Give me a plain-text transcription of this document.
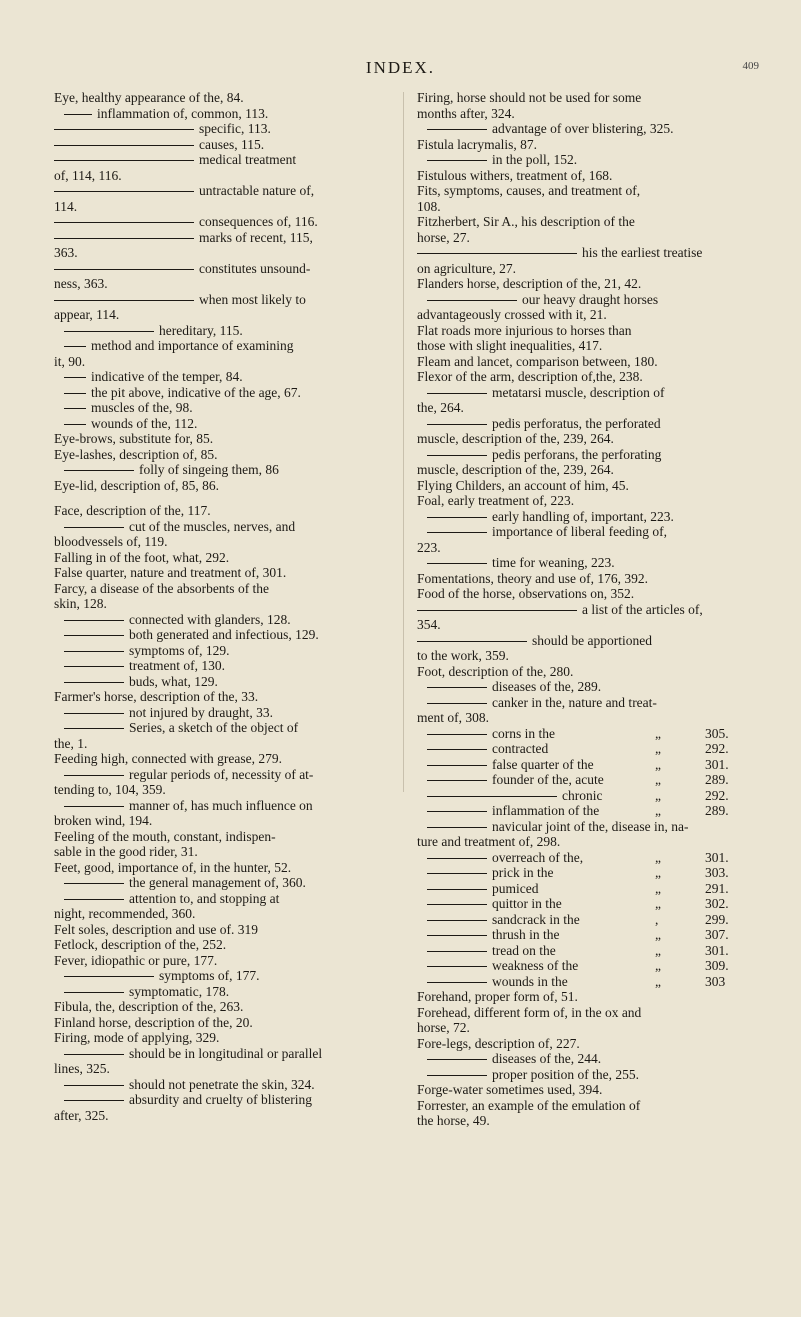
INDEX.	409
Eye, healthy appearance of the, 84.
inflammation of, common, 113.
specific, 113.
causes, 115.
medical treatment
of, 114, 116.
untractable nature of,
114.
consequences of, 116.
marks of recent, 115,
363.
constitutes unsound-
ness, 363.
when most likely to
appear, 114.
hereditary, 115.
method and importance of examining
it, 90.
indicative of the temper, 84.
the pit above, indicative of the age, 67.
muscles of the, 98.
wounds of the, 112.
Eye-brows, substitute for, 85.
Eye-lashes, description of, 85.
folly of singeing them, 86
Eye-lid, description of, 85, 86.
Face, description of the, 117.
cut of the muscles, nerves, and
bloodvessels of, 119.
Falling in of the foot, what, 292.
False quarter, nature and treatment of, 301.
Farcy, a disease of the absorbents of the
skin, 128.
connected with glanders, 128.
both generated and infectious, 129.
symptoms of, 129.
treatment of, 130.
buds, what, 129.
Farmer's horse, description of the, 33.
not injured by draught, 33.
Series, a sketch of the object of
the, 1.
Feeding high, connected with grease, 279.
regular periods of, necessity of at-
tending to, 104, 359.
manner of, has much influence on
broken wind, 194.
Feeling of the mouth, constant, indispen-
sable in the good rider, 31.
Feet, good, importance of, in the hunter, 52.
the general management of, 360.
attention to, and stopping at
night, recommended, 360.
Felt soles, description and use of. 319
Fetlock, description of the, 252.
Fever, idiopathic or pure, 177.
symptoms of, 177.
symptomatic, 178.
Fibula, the, description of the, 263.
Finland horse, description of the, 20.
Firing, mode of applying, 329.
should be in longitudinal or parallel
lines, 325.
should not penetrate the skin, 324.
absurdity and cruelty of blistering
after, 325.
Firing, horse should not be used for some
months after, 324.
advantage of over blistering, 325.
Fistula lacrymalis, 87.
in the poll, 152.
Fistulous withers, treatment of, 168.
Fits, symptoms, causes, and treatment of,
108.
Fitzherbert, Sir A., his description of the
horse, 27.
his the earliest treatise
on agriculture, 27.
Flanders horse, description of the, 21, 42.
our heavy draught horses
advantageously crossed with it, 21.
Flat roads more injurious to horses than
those with slight inequalities, 417.
Fleam and lancet, comparison between, 180.
Flexor of the arm, description of,the, 238.
metatarsi muscle, description of
the, 264.
pedis perforatus, the perforated
muscle, description of the, 239, 264.
pedis perforans, the perforating
muscle, description of the, 239, 264.
Flying Childers, an account of him, 45.
Foal, early treatment of, 223.
early handling of, important, 223.
importance of liberal feeding of,
223.
time for weaning, 223.
Fomentations, theory and use of, 176, 392.
Food of the horse, observations on, 352.
a list of the articles of,
354.
should be apportioned
to the work, 359.
Foot, description of the, 280.
diseases of the, 289.
canker in the, nature and treat-
ment of, 308.
corns in the	„	305.
contracted	„	292.
false quarter of the	„	301.
founder of the, acute	„	289.
chronic	„	292.
inflammation of the	„	289.
navicular joint of the, disease in, na-
ture and treatment of, 298.
overreach of the,	„	301.
prick in the	„	303.
pumiced	„	291.
quittor in the	„	302.
sandcrack in the	,	299.
thrush in the	„	307.
tread on the	„	301.
weakness of the	„	309.
wounds in the	„	303
Forehand, proper form of, 51.
Forehead, different form of, in the ox and
horse, 72.
Fore-legs, description of, 227.
diseases of the, 244.
proper position of the, 255.
Forge-water sometimes used, 394.
Forrester, an example of the emulation of
the horse, 49.
